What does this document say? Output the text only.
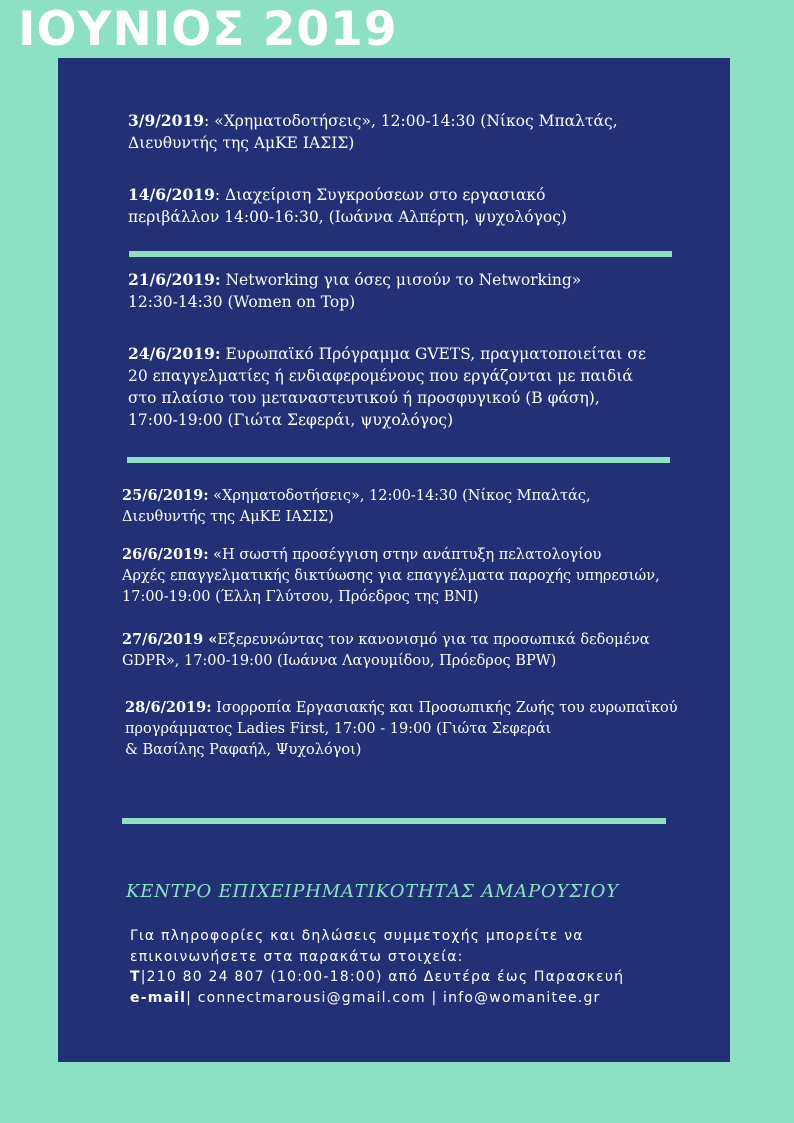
ΙΟΥΝΙΟΣ 2019

3/9/2019: «Χρηματοδοτήσεις», 12:00-14:30 (Νίκος Μπαλτάς,
Διευθυντής της ΑμΚΕ ΙΑΣΙΣ)

14/6/2019: Διαχείριση Συγκρούσεων στο εργασιακό
περιβάλλον 14:00-16:30, (Ιωάννα Αλπέρτη, ψυχολόγος)

21/6/2019: Networking για όσες μισούν το Networking»
12:30-14:30 (Women on Top)

24/6/2019: Ευρωπαϊκό Πρόγραμμα GVETS, πραγματοποιείται σε
20 επαγγελματίες ή ενδιαφερομένους που εργάζονται με παιδιά
στο πλαίσιο του μεταναστευτικού ή προσφυγικού (Β φάση),
17:00-19:00 (Γιώτα Σεφεράι, ψυχολόγος)

25/6/2019: «Χρηματοδοτήσεις», 12:00-14:30 (Νίκος Μπαλτάς,
Διευθυντής της ΑμΚΕ ΙΑΣΙΣ)

26/6/2019: «Η σωστή προσέγγιση στην ανάπτυξη πελατολογίου
Αρχές επαγγελματικής δικτύωσης για επαγγέλματα παροχής υπηρεσιών,
17:00-19:00 (Έλλη Γλύτσου, Πρόεδρος της ΒΝΙ)

27/6/2019 «Εξερευνώντας τον κανονισμό για τα προσωπικά δεδομένα
GDPR», 17:00-19:00 (Ιωάννα Λαγουμίδου, Πρόεδρος BPW)

28/6/2019: Ισορροπία Εργασιακής και Προσωπικής Ζωής του ευρωπαϊκού
προγράμματος Ladies First, 17:00 - 19:00 (Γιώτα Σεφεράι
& Βασίλης Ραφαήλ, Ψυχολόγοι)

ΚΕΝΤΡΟ ΕΠΙΧΕΙΡΗΜΑΤΙΚΟΤΗΤΑΣ ΑΜΑΡΟΥΣΙΟΥ

Για πληροφορίες και δηλώσεις συμμετοχής μπορείτε να
επικοινωνήσετε στα παρακάτω στοιχεία:
Τ|210 80 24 807 (10:00-18:00) από Δευτέρα έως Παρασκευή
e-mail| connectmarousi@gmail.com | info@womanitee.gr
